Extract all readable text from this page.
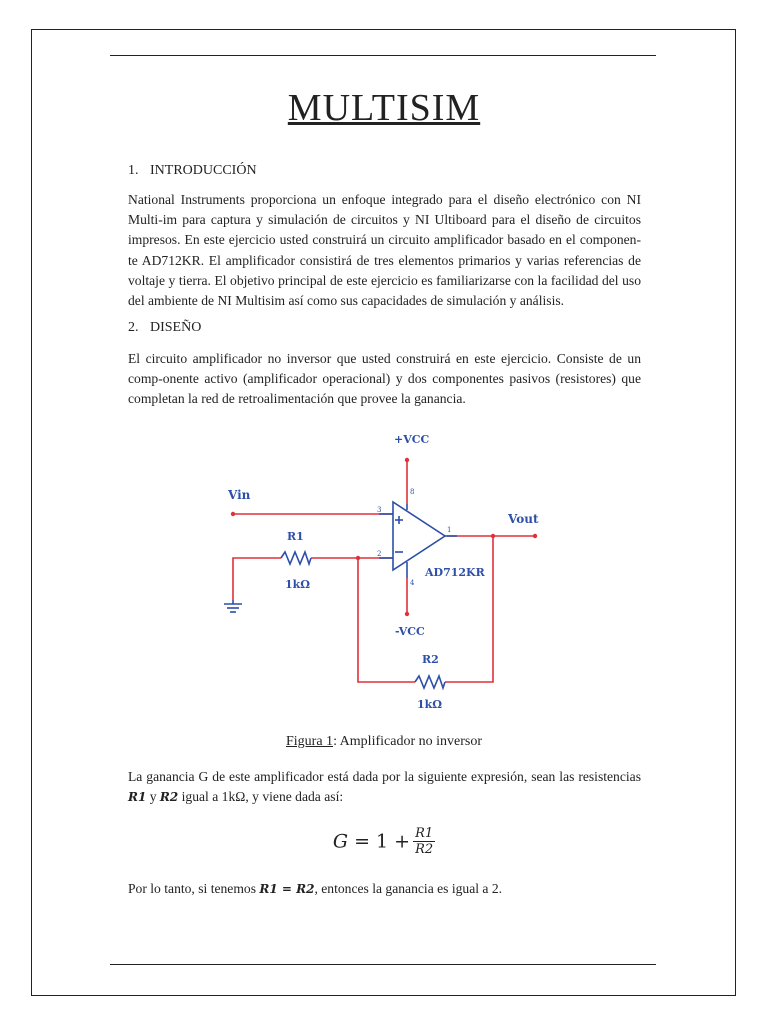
MULTISIM
1. INTRODUCCIÓN

National Instruments proporciona un enfoque integrado para el diseño electrónico con NI Multi-im para captura y simulación de circuitos y NI Ultiboard para el diseño de circuitos impresos. En este ejercicio usted construirá un circuito amplificador basado en el componen-te AD712KR. El amplificador consistirá de tres elementos primarios y varias referencias de voltaje y tierra. El objetivo principal de este ejercicio es familiarizarse con la facilidad del uso del ambiente de NI Multisim así como sus capacidades de simulación y análisis.

2. DISEÑO

El circuito amplificador no inversor que usted construirá en este ejercicio. Consiste de un comp-onente activo (amplificador operacional) y dos componentes pasivos (resistores) que completan la red de retroalimentación que provee la ganancia.

+VCC
-VCC
Vin
Vout
R1
1kΩ
R2
1kΩ
AD712KR
3
2
1
8
4
Figura 1: Amplificador no inversor

La ganancia G de este amplificador está dada por la siguiente expresión, sean las resistencias R1 y R2 igual a 1kΩ, y viene dada así:

$G = 1 + \frac{R1}{R2}$

Por lo tanto, si tenemos R1 = R2, entonces la ganancia es igual a 2.
